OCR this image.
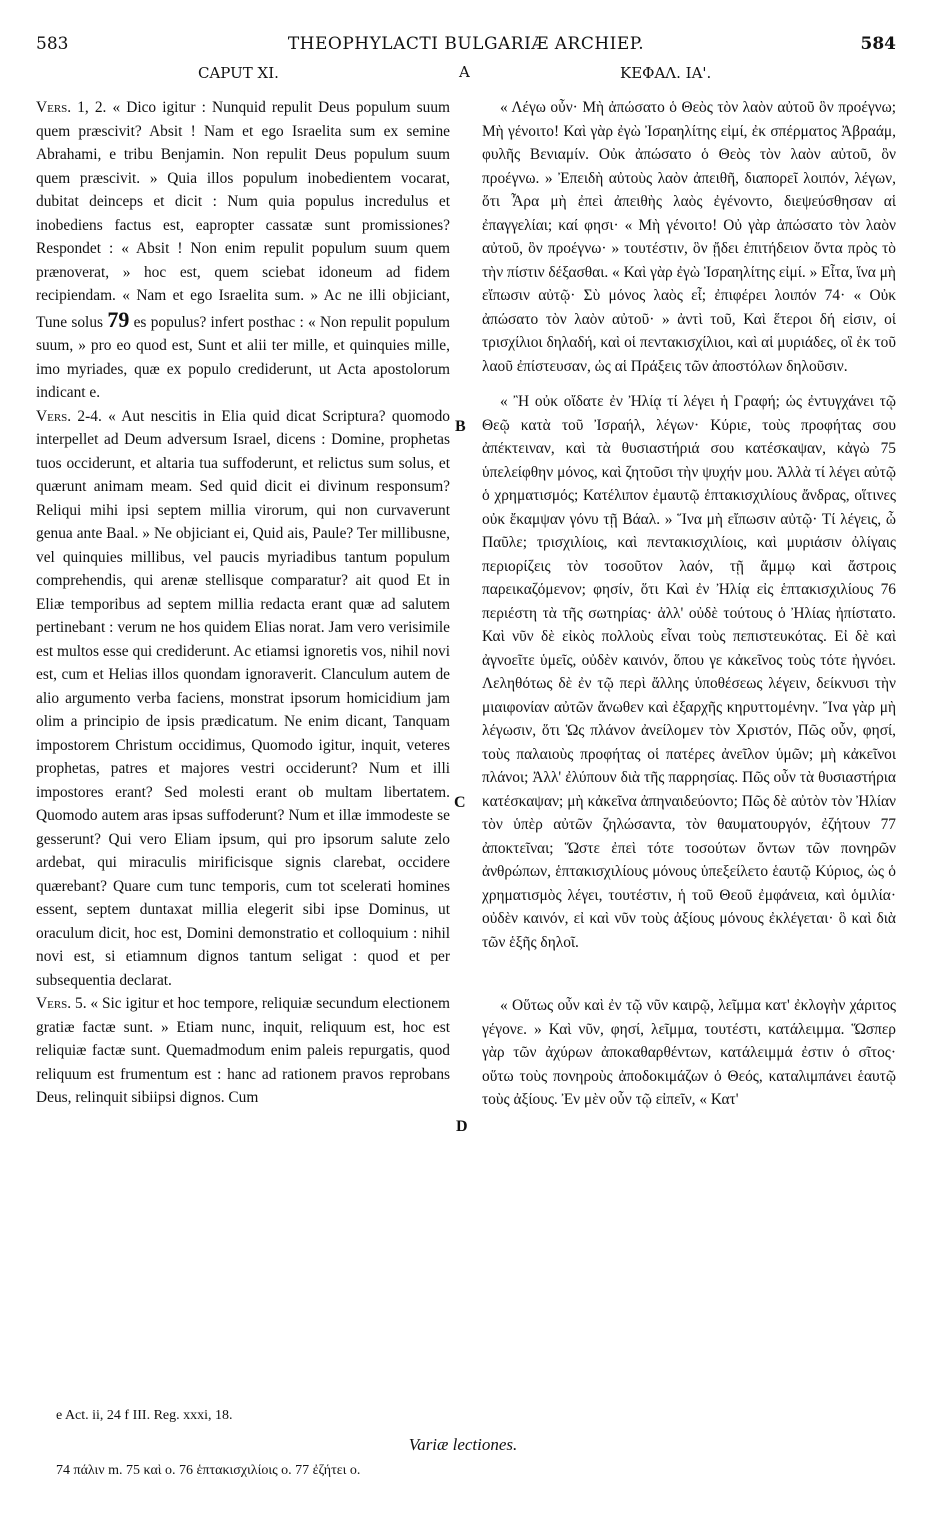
583	THEOPHYLACTI BULGARIÆ ARCHIEP.	584
CAPUT XI.	A	ΚΕΦΑΛ. ΙΑ'.

Vers. 1, 2. « Dico igitur : Nunquid repulit Deus populum suum quem præscivit? Absit ! Nam et ego Israelita sum ex semine Abrahami, e tribu Benjamin. Non repulit Deus populum suum quem præscivit. » Quia illos populum inobedientem vocarat, dubitat deinceps et dicit : Num quia populus incredulus et inobediens factus est, eapropter cassatæ sunt promissiones? Respondet : « Absit ! Non enim repulit populum suum quem prænoverat, » hoc est, quem sciebat idoneum ad fidem recipiendam. « Nam et ego Israelita sum. » Ac ne illi objiciant, Tune solus 79 es populus? infert posthac : « Non repulit populum suum, » pro eo quod est, Sunt et alii ter mille, et quinquies mille, imo myriades, quæ ex populo crediderunt, ut Acta apostolorum indicant e.

Vers. 2-4. « Aut nescitis in Elia quid dicat Scriptura? quomodo interpellet ad Deum adversum Israel, dicens : Domine, prophetas tuos occiderunt, et altaria tua suffoderunt, et relictus sum solus, et quærunt animam meam. Sed quid dicit ei divinum responsum? Reliqui mihi ipsi septem millia virorum, qui non curvaverunt genua ante Baal. » Ne objiciant ei, Quid ais, Paule? Ter millibusne, vel quinquies millibus, vel paucis myriadibus tantum populum comprehendis, qui arenæ stellisque comparatur? ait quod Et in Eliæ temporibus ad septem millia redacta erant quæ ad salutem pertinebant : verum ne hos quidem Elias norat. Jam vero verisimile est multos esse qui crediderunt. Ac etiamsi ignoretis vos, nihil novi est, cum et Helias illos quondam ignoraverit. Clanculum autem de alio argumento verba faciens, monstrat ipsorum homicidium jam olim a principio de ipsis prædicatum. Ne enim dicant, Tanquam impostorem Christum occidimus, Quomodo igitur, inquit, veteres prophetas, patres et majores vestri occiderunt? Num et illi impostores erant? Sed molesti erant ob multam libertatem. Quomodo autem aras ipsas suffoderunt? Num et illæ immodeste se gesserunt? Qui vero Eliam ipsum, qui pro ipsorum salute zelo ardebat, qui miraculis mirificisque signis clarebat, occidere quærebant? Quare cum tunc temporis, cum tot scelerati homines essent, septem duntaxat millia elegerit sibi ipse Dominus, ut oraculum dicit, hoc est, Domini demonstratio et colloquium : nihil novi est, si etiamnum dignos tantum seligat : quod et per subsequentia declarat.

Vers. 5. « Sic igitur et hoc tempore, reliquiæ secundum electionem gratiæ factæ sunt. » Etiam nunc, inquit, reliquum est, hoc est reliquiæ factæ sunt. Quemadmodum enim paleis repurgatis, quod reliquum est frumentum est : hanc ad rationem pravos reprobans Deus, relinquit sibiipsi dignos. Cum

B
C
D

« Λέγω οὖν· Μὴ ἀπώσατο ὁ Θεὸς τὸν λαὸν αὐτοῦ ὃν προέγνω; Μὴ γένοιτο! Καὶ γὰρ ἐγὼ Ἰσραηλίτης εἰμί, ἐκ σπέρματος Ἀβραάμ, φυλῆς Βενιαμίν. Οὐκ ἀπώσατο ὁ Θεὸς τὸν λαὸν αὐτοῦ, ὃν προέγνω. » Ἐπειδὴ αὐτοὺς λαὸν ἀπειθῆ, διαπορεῖ λοιπόν, λέγων, ὅτι Ἆρα μὴ ἐπεὶ ἀπειθὴς λαὸς ἐγένοντο, διεψεύσθησαν αἱ ἐπαγγελίαι; καί φησι· « Μὴ γένοιτο! Οὐ γὰρ ἀπώσατο τὸν λαὸν αὐτοῦ, ὃν προέγνω· » τουτέστιν, ὃν ᾔδει ἐπιτήδειον ὄντα πρὸς τὸ τὴν πίστιν δέξασθαι. « Καὶ γὰρ ἐγὼ Ἰσραηλίτης εἰμί. » Εἶτα, ἵνα μὴ εἴπωσιν αὐτῷ· Σὺ μόνος λαὸς εἶ; ἐπιφέρει λοιπόν 74· « Οὐκ ἀπώσατο τὸν λαὸν αὐτοῦ· » ἀντὶ τοῦ, Καὶ ἕτεροι δή εἰσιν, οἱ τρισχίλιοι δηλαδή, καὶ οἱ πεντακισχίλιοι, καὶ αἱ μυριάδες, οἳ ἐκ τοῦ λαοῦ ἐπίστευσαν, ὡς αἱ Πράξεις τῶν ἀποστόλων δηλοῦσιν.

« Ἢ οὐκ οἴδατε ἐν Ἠλίᾳ τί λέγει ἡ Γραφή; ὡς ἐντυγχάνει τῷ Θεῷ κατὰ τοῦ Ἰσραήλ, λέγων· Κύριε, τοὺς προφήτας σου ἀπέκτειναν, καὶ τὰ θυσιαστήριά σου κατέσκαψαν, κἀγὼ 75 ὑπελείφθην μόνος, καὶ ζητοῦσι τὴν ψυχήν μου. Ἀλλὰ τί λέγει αὐτῷ ὁ χρηματισμός; Κατέλιπον ἐμαυτῷ ἑπτακισχιλίους ἄνδρας, οἵτινες οὐκ ἔκαμψαν γόνυ τῇ Βάαλ. » Ἵνα μὴ εἴπωσιν αὐτῷ· Τί λέγεις, ὦ Παῦλε; τρισχιλίοις, καὶ πεντακισχιλίοις, καὶ μυριάσιν ὀλίγαις περιορίζεις τὸν τοσοῦτον λαόν, τῇ ἄμμῳ καὶ ἄστροις παρεικαζόμενον; φησίν, ὅτι Καὶ ἐν Ἠλίᾳ εἰς ἑπτακισχιλίους 76 περιέστη τὰ τῆς σωτηρίας· ἀλλ' οὐδὲ τούτους ὁ Ἠλίας ἠπίστατο. Καὶ νῦν δὲ εἰκὸς πολλοὺς εἶναι τοὺς πεπιστευκότας. Εἰ δὲ καὶ ἀγνοεῖτε ὑμεῖς, οὐδὲν καινόν, ὅπου γε κἀκεῖνος τοὺς τότε ἠγνόει. Λεληθότως δὲ ἐν τῷ περὶ ἄλλης ὑποθέσεως λέγειν, δείκνυσι τὴν μιαιφονίαν αὐτῶν ἄνωθεν καὶ ἐξαρχῆς κηρυττομένην. Ἵνα γὰρ μὴ λέγωσιν, ὅτι Ὡς πλάνον ἀνείλομεν τὸν Χριστόν, Πῶς οὖν, φησί, τοὺς παλαιοὺς προφήτας οἱ πατέρες ἀνεῖλον ὑμῶν; μὴ κἀκεῖνοι πλάνοι; Ἀλλ' ἐλύπουν διὰ τῆς παρρησίας. Πῶς οὖν τὰ θυσιαστήρια κατέσκαψαν; μὴ κἀκεῖνα ἀπηναιδεύοντο; Πῶς δὲ αὐτὸν τὸν Ἠλίαν τὸν ὑπὲρ αὐτῶν ζηλώσαντα, τὸν θαυματουργόν, ἐζήτουν 77 ἀποκτεῖναι; Ὥστε ἐπεὶ τότε τοσούτων ὄντων τῶν πονηρῶν ἀνθρώπων, ἑπτακισχιλίους μόνους ὑπεξείλετο ἑαυτῷ Κύριος, ὡς ὁ χρηματισμὸς λέγει, τουτέστιν, ἡ τοῦ Θεοῦ ἐμφάνεια, καὶ ὁμιλία· οὐδὲν καινόν, εἰ καὶ νῦν τοὺς ἀξίους μόνους ἐκλέγεται· ὃ καὶ διὰ τῶν ἑξῆς δηλοῖ.

« Οὕτως οὖν καὶ ἐν τῷ νῦν καιρῷ, λεῖμμα κατ' ἐκλογὴν χάριτος γέγονε. » Καὶ νῦν, φησί, λεῖμμα, τουτέστι, κατάλειμμα. Ὥσπερ γὰρ τῶν ἀχύρων ἀποκαθαρθέντων, κατάλειμμά ἐστιν ὁ σῖτος· οὕτω τοὺς πονηροὺς ἀποδοκιμάζων ὁ Θεός, καταλιμπάνει ἑαυτῷ τοὺς ἀξίους. Ἐν μὲν οὖν τῷ εἰπεῖν, « Κατ'

e Act. ii, 24 f III. Reg. xxxi, 18.
Variæ lectiones.
74 πάλιν m. 75 καὶ ο. 76 ἑπτακισχιλίοις ο. 77 ἐζήτει ο.
